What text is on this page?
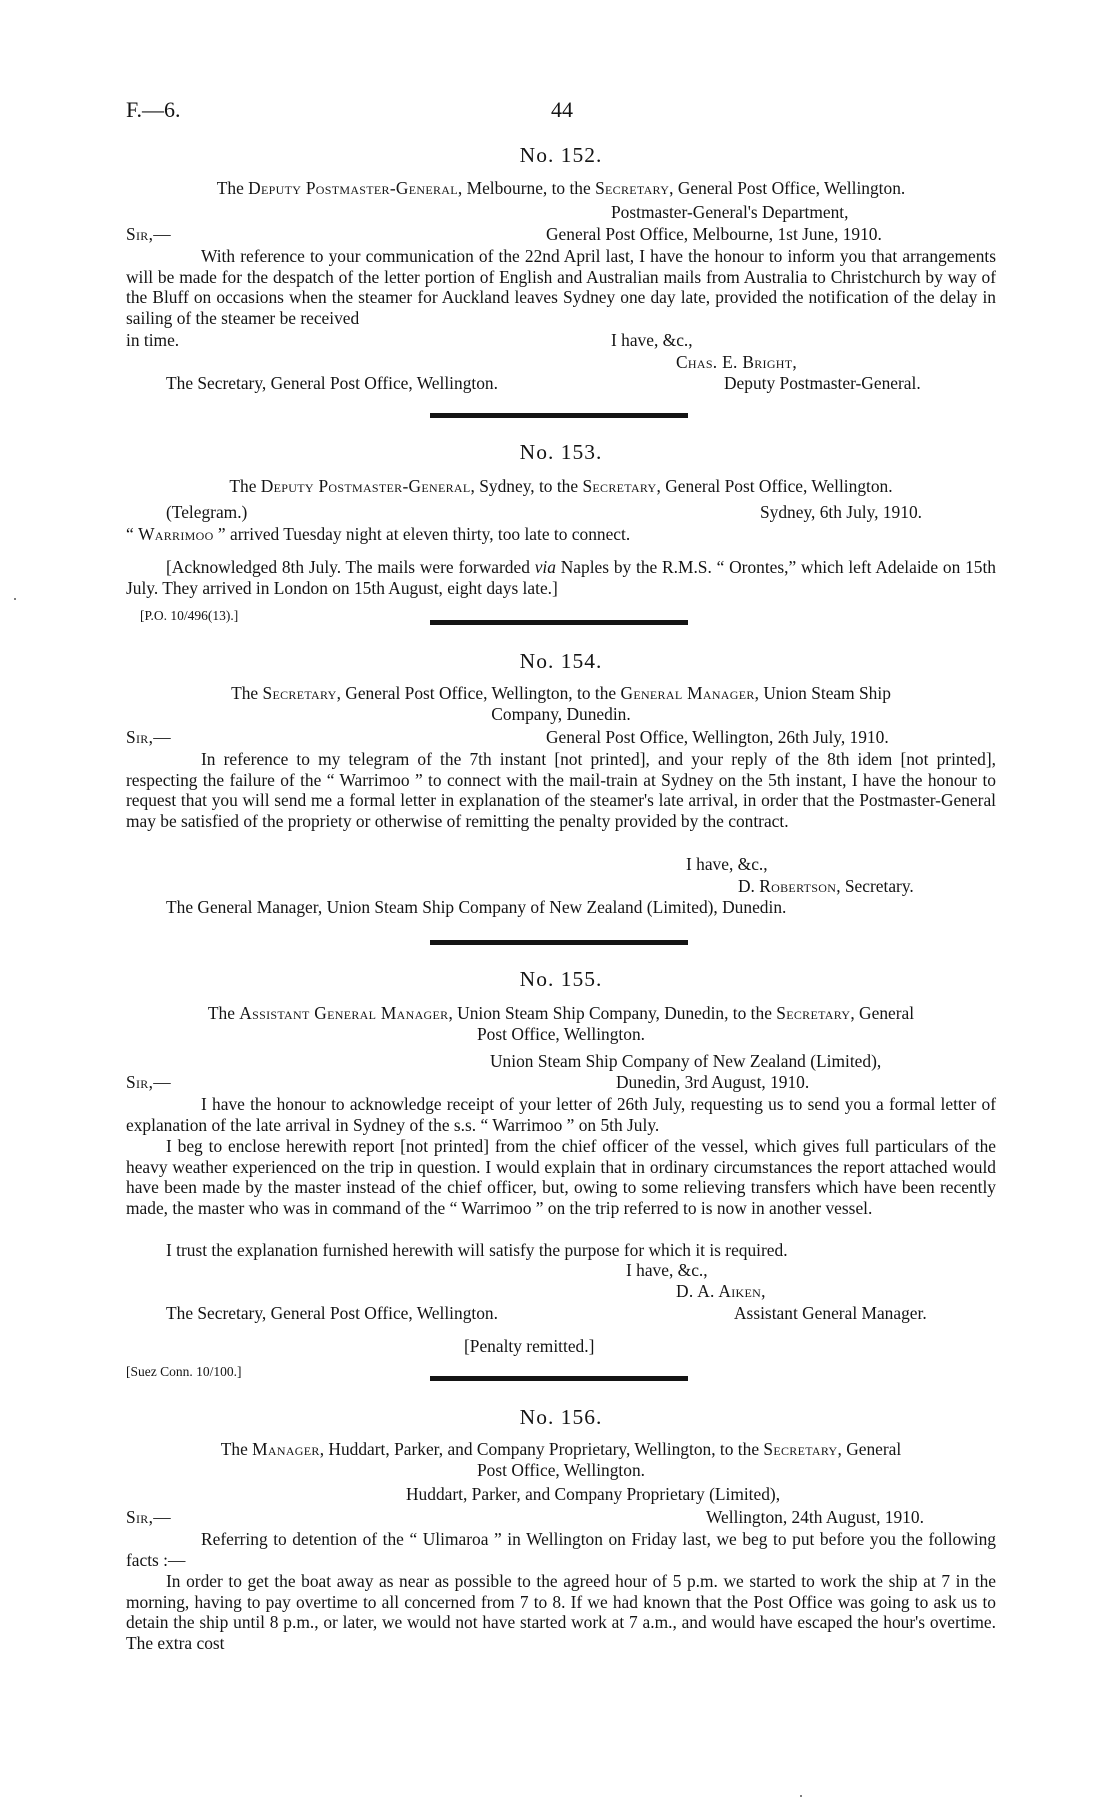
F.—6.	44
No. 152.
The Deputy Postmaster-General, Melbourne, to the Secretary, General Post Office, Wellington.
Postmaster-General's Department,
Sir,—	General Post Office, Melbourne, 1st June, 1910.
With reference to your communication of the 22nd April last, I have the honour to inform you that arrangements will be made for the despatch of the letter portion of English and Australian mails from Australia to Christchurch by way of the Bluff on occasions when the steamer for Auckland leaves Sydney one day late, provided the notification of the delay in sailing of the steamer be received
in time.	I have, &c.,
Chas. E. Bright,
The Secretary, General Post Office, Wellington.	Deputy Postmaster-General.
No. 153.
The Deputy Postmaster-General, Sydney, to the Secretary, General Post Office, Wellington.
(Telegram.)	Sydney, 6th July, 1910.
“ Warrimoo ” arrived Tuesday night at eleven thirty, too late to connect.
[Acknowledged 8th July. The mails were forwarded via Naples by the R.M.S. “ Orontes,” which left Adelaide on 15th July. They arrived in London on 15th August, eight days late.]
[P.O. 10/496(13).]
No. 154.
The Secretary, General Post Office, Wellington, to the General Manager, Union Steam Ship
Company, Dunedin.
Sir,—	General Post Office, Wellington, 26th July, 1910.
In reference to my telegram of the 7th instant [not printed], and your reply of the 8th idem [not printed], respecting the failure of the “ Warrimoo ” to connect with the mail-train at Sydney on the 5th instant, I have the honour to request that you will send me a formal letter in explanation of the steamer's late arrival, in order that the Postmaster-General may be satisfied of the propriety or otherwise of remitting the penalty provided by the contract.
I have, &c.,
D. Robertson, Secretary.
The General Manager, Union Steam Ship Company of New Zealand (Limited), Dunedin.
No. 155.
The Assistant General Manager, Union Steam Ship Company, Dunedin, to the Secretary, General
Post Office, Wellington.
Union Steam Ship Company of New Zealand (Limited),
Sir,—	Dunedin, 3rd August, 1910.
I have the honour to acknowledge receipt of your letter of 26th July, requesting us to send you a formal letter of explanation of the late arrival in Sydney of the s.s. “ Warrimoo ” on 5th July.
I beg to enclose herewith report [not printed] from the chief officer of the vessel, which gives full particulars of the heavy weather experienced on the trip in question. I would explain that in ordinary circumstances the report attached would have been made by the master instead of the chief officer, but, owing to some relieving transfers which have been recently made, the master who was in command of the “ Warrimoo ” on the trip referred to is now in another vessel.
I trust the explanation furnished herewith will satisfy the purpose for which it is required.
I have, &c.,
D. A. Aiken,
The Secretary, General Post Office, Wellington.	Assistant General Manager.
[Penalty remitted.]
[Suez Conn. 10/100.]
No. 156.
The Manager, Huddart, Parker, and Company Proprietary, Wellington, to the Secretary, General
Post Office, Wellington.
Huddart, Parker, and Company Proprietary (Limited),
Sir,—	Wellington, 24th August, 1910.
Referring to detention of the “ Ulimaroa ” in Wellington on Friday last, we beg to put before you the following facts :—
In order to get the boat away as near as possible to the agreed hour of 5 p.m. we started to work the ship at 7 in the morning, having to pay overtime to all concerned from 7 to 8. If we had known that the Post Office was going to ask us to detain the ship until 8 p.m., or later, we would not have started work at 7 a.m., and would have escaped the hour's overtime. The extra cost
